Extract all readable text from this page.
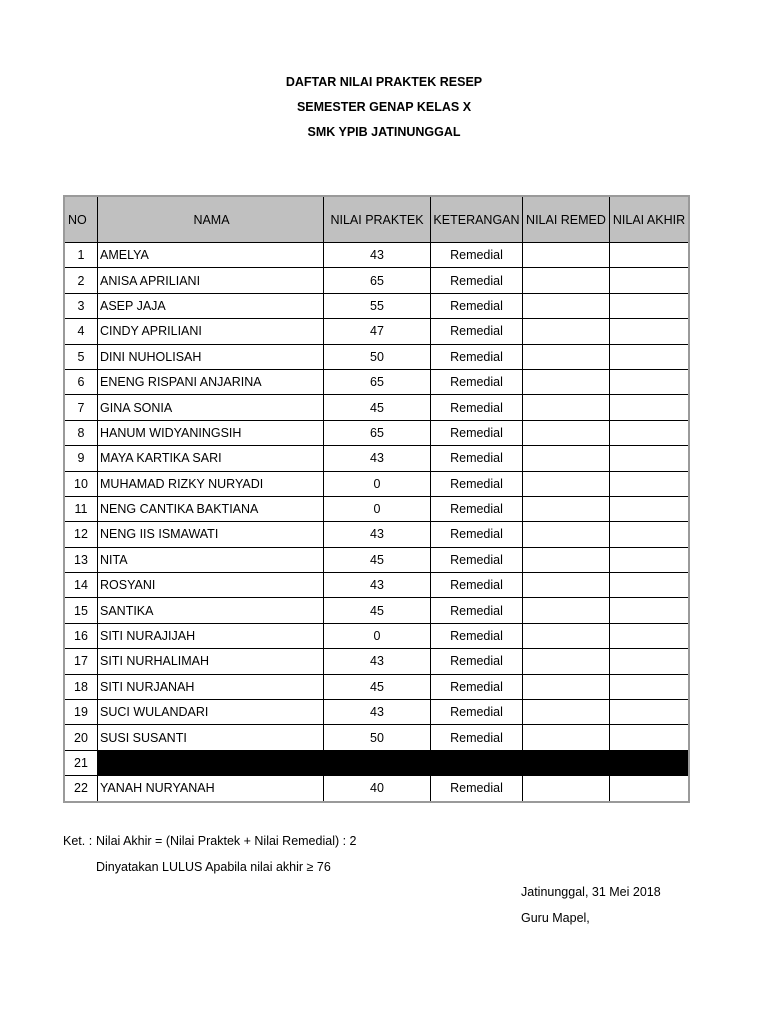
DAFTAR NILAI PRAKTEK RESEP
SEMESTER GENAP KELAS X
SMK YPIB JATINUNGGAL
NO	NAMA	NILAI PRAKTEK	KETERANGAN	NILAI REMED	NILAI AKHIR
1	AMELYA	43	Remedial		
2	ANISA APRILIANI	65	Remedial		
3	ASEP JAJA	55	Remedial		
4	CINDY APRILIANI	47	Remedial		
5	DINI NUHOLISAH	50	Remedial		
6	ENENG RISPANI ANJARINA	65	Remedial		
7	GINA SONIA	45	Remedial		
8	HANUM WIDYANINGSIH	65	Remedial		
9	MAYA KARTIKA SARI	43	Remedial		
10	MUHAMAD RIZKY NURYADI	0	Remedial		
11	NENG CANTIKA BAKTIANA	0	Remedial		
12	NENG IIS ISMAWATI	43	Remedial		
13	NITA	45	Remedial		
14	ROSYANI	43	Remedial		
15	SANTIKA	45	Remedial		
16	SITI NURAJIJAH	0	Remedial		
17	SITI NURHALIMAH	43	Remedial		
18	SITI NURJANAH	45	Remedial		
19	SUCI WULANDARI	43	Remedial		
20	SUSI SUSANTI	50	Remedial		
21					
22	YANAH NURYANAH	40	Remedial		
Ket. : Nilai Akhir = (Nilai Praktek + Nilai Remedial) : 2
Dinyatakan LULUS Apabila nilai akhir ≥ 76
Jatinunggal, 31 Mei 2018
Guru Mapel,
